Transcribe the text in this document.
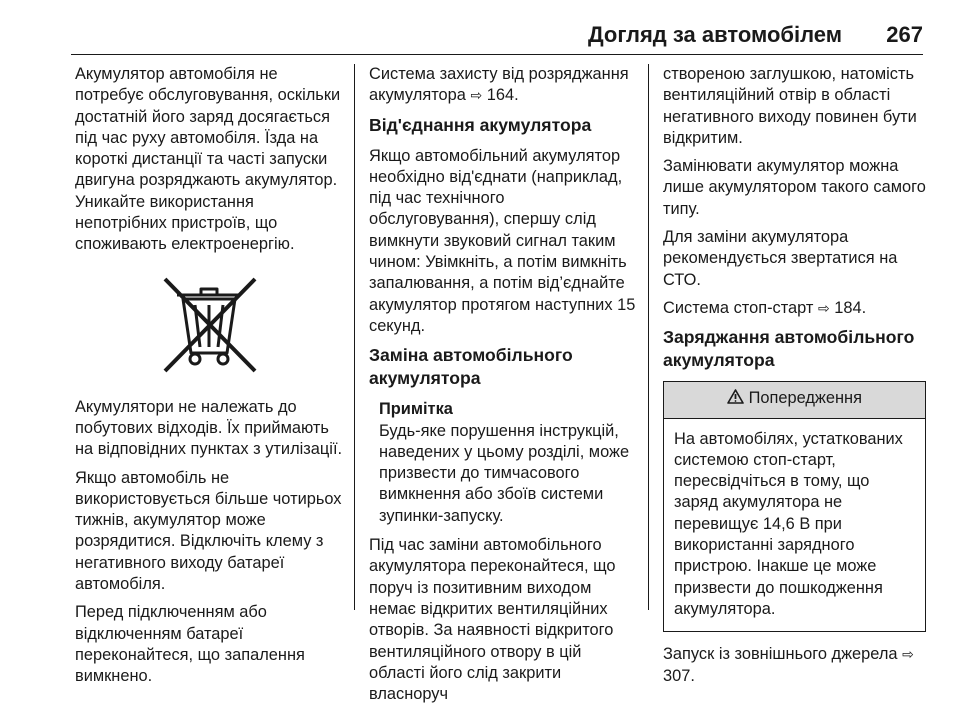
Догляд за автомобілем 267

Акумулятор автомобіля не потребує обслуговування, оскільки достатній його заряд досягається під час руху автомобіля. Їзда на короткі дистанції та часті запуски двигуна розряджають акумулятор. Уникайте використання непотрібних пристроїв, що споживають електроенергію.

Акумулятори не належать до побутових відходів. Їх приймають на відповідних пунктах з утилізації.

Якщо автомобіль не використовується більше чотирьох тижнів, акумулятор може розрядитися. Відключіть клему з негативного виходу батареї автомобіля.

Перед підключенням або відключенням батареї переконайтеся, що запалення вимкнено.

Система захисту від розряджання акумулятора ⇨ 164.

Від'єднання акумулятора

Якщо автомобільний акумулятор необхідно від'єднати (наприклад, під час технічного обслуговування), спершу слід вимкнути звуковий сигнал таким чином: Увімкніть, а потім вимкніть запалювання, а потім від’єднайте акумулятор протягом наступних 15 секунд.

Заміна автомобільного акумулятора
Примітка
Будь-яке порушення інструкцій, наведених у цьому розділі, може призвести до тимчасового вимкнення або збоїв системи зупинки-запуску.

Під час заміни автомобільного акумулятора переконайтеся, що поруч із позитивним виходом немає відкритих вентиляційних отворів. За наявності відкритого вентиляційного отвору в цій області його слід закрити власноруч

створеною заглушкою, натомість вентиляційний отвір в області негативного виходу повинен бути відкритим.

Замінювати акумулятор можна лише акумулятором такого самого типу.

Для заміни акумулятора рекомендується звертатися на СТО.

Система стоп-старт ⇨ 184.

Заряджання автомобільного акумулятора
Попередження
На автомобілях, устаткованих системою стоп-старт, пересвідчіться в тому, що заряд акумулятора не перевищує 14,6 В при використанні зарядного пристрою. Інакше це може призвести до пошкодження акумулятора.

Запуск із зовнішнього джерела ⇨ 307.
